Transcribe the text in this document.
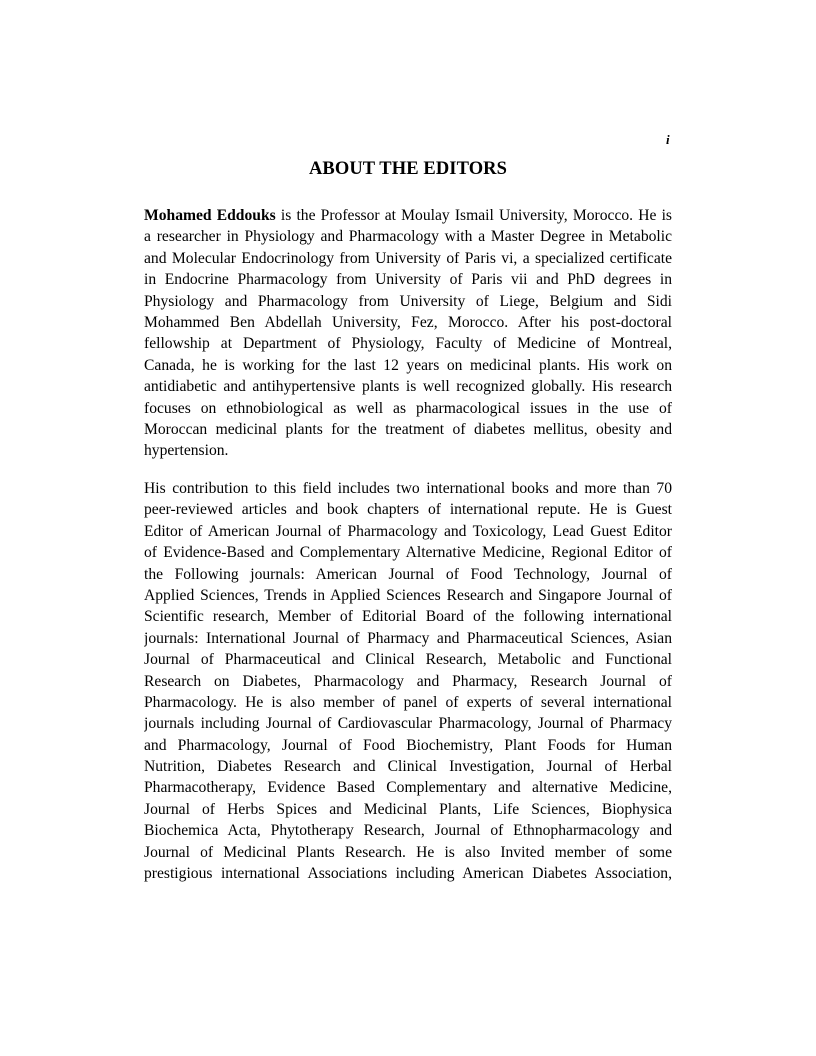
i
ABOUT THE EDITORS
Mohamed Eddouks is the Professor at Moulay Ismail University, Morocco. He is
a researcher in Physiology and Pharmacology with a Master Degree in Metabolic
and Molecular Endocrinology from University of Paris vi, a specialized certificate
in Endocrine Pharmacology from University of Paris vii and PhD degrees in
Physiology and Pharmacology from University of Liege, Belgium and Sidi
Mohammed Ben Abdellah University, Fez, Morocco. After his post-doctoral
fellowship at Department of Physiology, Faculty of Medicine of Montreal,
Canada, he is working for the last 12 years on medicinal plants. His work on
antidiabetic and antihypertensive plants is well recognized globally. His research
focuses on ethnobiological as well as pharmacological issues in the use of
Moroccan medicinal plants for the treatment of diabetes mellitus, obesity and
hypertension.
His contribution to this field includes two international books and more than 70
peer-reviewed articles and book chapters of international repute. He is Guest
Editor of American Journal of Pharmacology and Toxicology, Lead Guest Editor
of Evidence-Based and Complementary Alternative Medicine, Regional Editor of
the Following journals: American Journal of Food Technology, Journal of
Applied Sciences, Trends in Applied Sciences Research and Singapore Journal of
Scientific research, Member of Editorial Board of the following international
journals: International Journal of Pharmacy and Pharmaceutical Sciences, Asian
Journal of Pharmaceutical and Clinical Research, Metabolic and Functional
Research on Diabetes, Pharmacology and Pharmacy, Research Journal of
Pharmacology. He is also member of panel of experts of several international
journals including Journal of Cardiovascular Pharmacology, Journal of Pharmacy
and Pharmacology, Journal of Food Biochemistry, Plant Foods for Human
Nutrition, Diabetes Research and Clinical Investigation, Journal of Herbal
Pharmacotherapy, Evidence Based Complementary and alternative Medicine,
Journal of Herbs Spices and Medicinal Plants, Life Sciences, Biophysica
Biochemica Acta, Phytotherapy Research, Journal of Ethnopharmacology and
Journal of Medicinal Plants Research. He is also Invited member of some
prestigious international Associations including American Diabetes Association,
